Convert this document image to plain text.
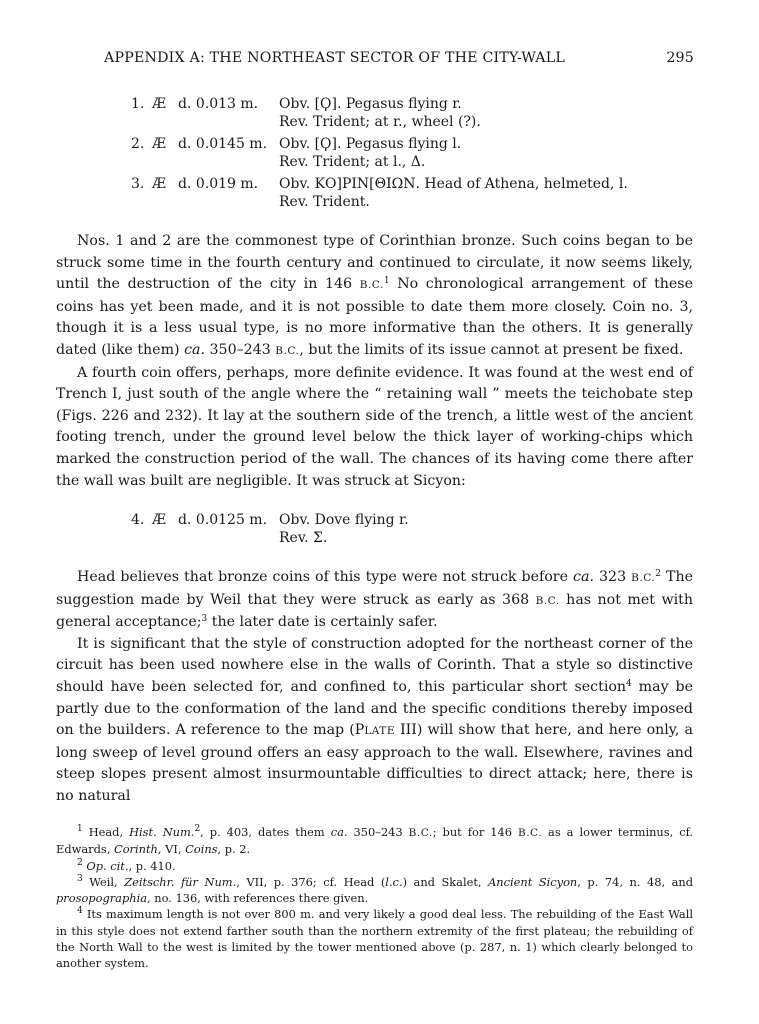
APPENDIX A: THE NORTHEAST SECTOR OF THE CITY-WALL	295
1. Æ d. 0.013 m. Obv. [Ϙ]. Pegasus flying r.
Rev. Trident; at r., wheel (?).
2. Æ d. 0.0145 m. Obv. [Ϙ]. Pegasus flying l.
Rev. Trident; at l., Δ.
3. Æ d. 0.019 m. Obv. ΚΟ]ΡΙΝ[ΘΙΩΝ. Head of Athena, helmeted, l.
Rev. Trident.

Nos. 1 and 2 are the commonest type of Corinthian bronze. Such coins began to be struck some time in the fourth century and continued to circulate, it now seems likely, until the destruction of the city in 146 B.C.$^1$ No chronological arrangement of these coins has yet been made, and it is not possible to date them more closely. Coin no. 3, though it is a less usual type, is no more informative than the others. It is generally dated (like them) ca. 350–243 B.C., but the limits of its issue cannot at present be fixed.

A fourth coin offers, perhaps, more definite evidence. It was found at the west end of Trench I, just south of the angle where the “ retaining wall ” meets the teichobate step (Figs. 226 and 232). It lay at the southern side of the trench, a little west of the ancient footing trench, under the ground level below the thick layer of working-chips which marked the construction period of the wall. The chances of its having come there after the wall was built are negligible. It was struck at Sicyon:

4. Æ d. 0.0125 m. Obv. Dove flying r.
Rev. Σ.

Head believes that bronze coins of this type were not struck before ca. 323 B.C.$^2$ The suggestion made by Weil that they were struck as early as 368 B.C. has not met with general acceptance;$^3$ the later date is certainly safer.

It is significant that the style of construction adopted for the northeast corner of the circuit has been used nowhere else in the walls of Corinth. That a style so distinctive should have been selected for, and confined to, this particular short section$^4$ may be partly due to the conformation of the land and the specific conditions thereby imposed on the builders. A reference to the map (PLATE III) will show that here, and here only, a long sweep of level ground offers an easy approach to the wall. Elsewhere, ravines and steep slopes present almost insurmountable difficulties to direct attack; here, there is no natural

$^1$ Head, Hist. Num.$^2$, p. 403, dates them ca. 350–243 B.C.; but for 146 B.C. as a lower terminus, cf. Edwards, Corinth, VI, Coins, p. 2.

$^2$ Op. cit., p. 410.

$^3$ Weil, Zeitschr. für Num., VII, p. 376; cf. Head (l.c.) and Skalet, Ancient Sicyon, p. 74, n. 48, and prosopographia, no. 136, with references there given.

$^4$ Its maximum length is not over 800 m. and very likely a good deal less. The rebuilding of the East Wall in this style does not extend farther south than the northern extremity of the first plateau; the rebuilding of the North Wall to the west is limited by the tower mentioned above (p. 287, n. 1) which clearly belonged to another system.
